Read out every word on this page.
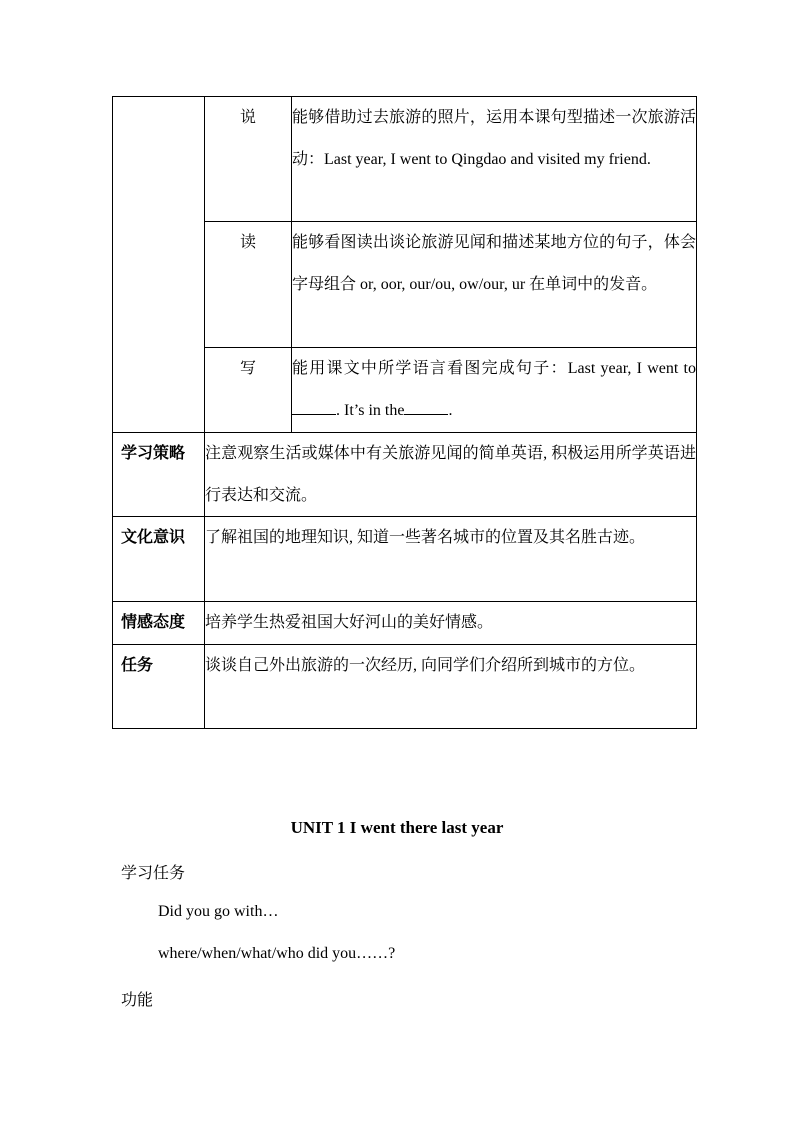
	说	能够借助过去旅游的照片，运用本课句型描述一次旅游活动：Last year, I went to Qingdao and visited my friend.

	读	能够看图读出谈论旅游见闻和描述某地方位的句子，体会字母组合 or, oor, our/ou, ow/our, ur 在单词中的发音。

	写	能用课文中所学语言看图完成句子：Last year, I went to. It’s in the .

学习策略	注意观察生活或媒体中有关旅游见闻的简单英语, 积极运用所学英语进行表达和交流。	

文化意识	了解祖国的地理知识, 知道一些著名城市的位置及其名胜古迹。	

情感态度	培养学生热爱祖国大好河山的美好情感。	

任务	谈谈自己外出旅游的一次经历, 向同学们介绍所到城市的方位。	
UNIT 1 I went there last year
学习任务
Did you go with…
where/when/what/who did you……?
功能
